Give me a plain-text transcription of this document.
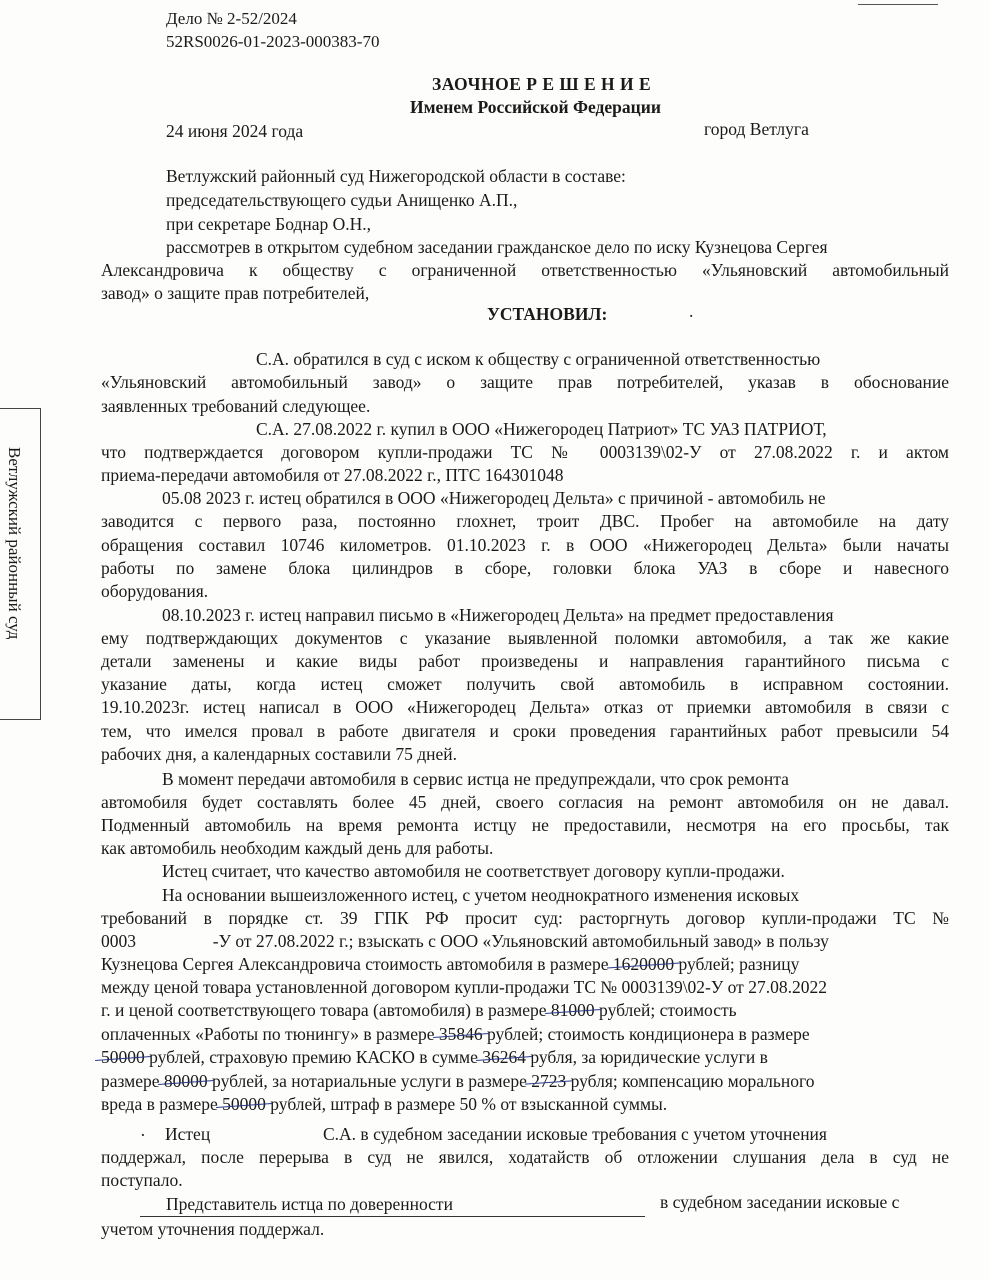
Дело № 2-52/2024
52RS0026-01-2023-000383-70
ЗАОЧНОЕ Р Е Ш Е Н И Е
Именем Российской Федерации
24 июня 2024 года	город Ветлуга
Ветлужский районный суд Нижегородской области в составе:
председательствующего судьи Анищенко А.П.,
при секретаре Боднар О.Н.,
рассмотрев в открытом судебном заседании гражданское дело по иску Кузнецова Сергея
Александровича к обществу с ограниченной ответственностью «Ульяновский автомобильный
завод» о защите прав потребителей,
УСТАНОВИЛ:	.
Ветлужский районный суд
С.А. обратился в суд с иском к обществу с ограниченной ответственностью
«Ульяновский автомобильный завод» о защите прав потребителей, указав в обоснование
заявленных требований следующее.
С.А. 27.08.2022 г. купил в ООО «Нижегородец Патриот» ТС УАЗ ПАТРИОТ,
что подтверждается договором купли-продажи ТС № 0003139\02-У от 27.08.2022 г. и актом
приема-передачи автомобиля от 27.08.2022 г., ПТС 164301048
05.08 2023 г. истец обратился в ООО «Нижегородец Дельта» с причиной - автомобиль не
заводится с первого раза, постоянно глохнет, троит ДВС. Пробег на автомобиле на дату
обращения составил 10746 километров. 01.10.2023 г. в ООО «Нижегородец Дельта» были начаты
работы по замене блока цилиндров в сборе, головки блока УАЗ в сборе и навесного
оборудования.
08.10.2023 г. истец направил письмо в «Нижегородец Дельта» на предмет предоставления
ему подтверждающих документов с указание выявленной поломки автомобиля, а так же какие
детали заменены и какие виды работ произведены и направления гарантийного письма с
указание даты, когда истец сможет получить свой автомобиль в исправном состоянии.
19.10.2023г. истец написал в ООО «Нижегородец Дельта» отказ от приемки автомобиля в связи с
тем, что имелся провал в работе двигателя и сроки проведения гарантийных работ превысили 54
рабочих дня, а календарных составили 75 дней.
В момент передачи автомобиля в сервис истца не предупреждали, что срок ремонта
автомобиля будет составлять более 45 дней, своего согласия на ремонт автомобиля он не давал.
Подменный автомобиль на время ремонта истцу не предоставили, несмотря на его просьбы, так
как автомобиль необходим каждый день для работы.
Истец считает, что качество автомобиля не соответствует договору купли-продажи.
На основании вышеизложенного истец, с учетом неоднократного изменения исковых
требований в порядке ст. 39 ГПК РФ просит суд: расторгнуть договор купли-продажи ТС №
0003	-У от 27.08.2022 г.; взыскать с ООО «Ульяновский автомобильный завод» в пользу
Кузнецова Сергея Александровича стоимость автомобиля в размере 1620000 рублей; разницу
между ценой товара установленной договором купли-продажи ТС № 0003139\02-У от 27.08.2022
г. и ценой соответствующего товара (автомобиля) в размере 81000 рублей; стоимость
оплаченных «Работы по тюнингу» в размере 35846 рублей; стоимость кондиционера в размере
50000 рублей, страховую премию КАСКО в сумме 36264 рубля, за юридические услуги в
размере 80000 рублей, за нотариальные услуги в размере 2723 рубля; компенсацию морального
вреда в размере 50000 рублей, штраф в размере 50 % от взысканной суммы.
· Истец	С.А. в судебном заседании исковые требования с учетом уточнения
поддержал, после перерыва в суд не явился, ходатайств об отложении слушания дела в суд не
поступало.
Представитель истца по доверенности	в судебном заседании исковые с
учетом уточнения поддержал.
